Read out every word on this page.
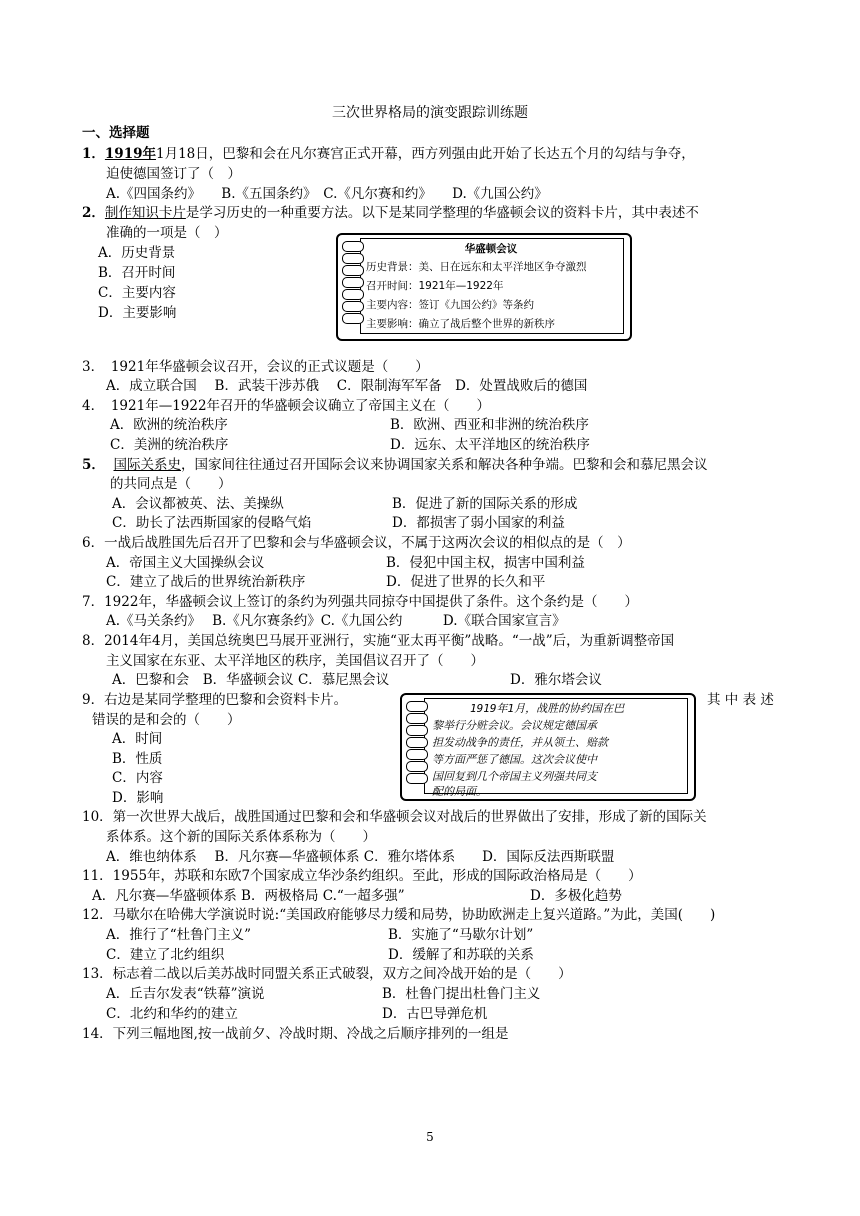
三次世界格局的演变跟踪训练题
一、选择题
1．1919年1月18日，巴黎和会在凡尔赛宫正式开幕，西方列强由此开始了长达五个月的勾结与争夺，
迫使德国签订了（　）
A.《四国条约》　　B.《五国条约》　C.《凡尔赛和约》　　D.《九国公约》
2．制作知识卡片是学习历史的一种重要方法。以下是某同学整理的华盛顿会议的资料卡片，其中表述不
准确的一项是（　）
A．历史背景
B．召开时间
C．主要内容
D．主要影响
华盛顿会议
历史背景：美、日在远东和太平洋地区争夺激烈
召开时间：1921年—1922年
主要内容：签订《九国公约》等条约
主要影响：确立了战后整个世界的新秩序
3．　1921年华盛顿会议召开，会议的正式议题是（　　）
A．成立联合国　 B．武装干涉苏俄　 C．限制海军军备　D．处置战败后的德国
4．　1921年—1922年召开的华盛顿会议确立了帝国主义在（　　）
A．欧洲的统治秩序	B．欧洲、西亚和非洲的统治秩序
C．美洲的统治秩序	D．远东、太平洋地区的统治秩序
5． 国际关系史，国家间往往通过召开国际会议来协调国家关系和解决各种争端。巴黎和会和慕尼黑会议
的共同点是（　　）
A．会议都被英、法、美操纵	B．促进了新的国际关系的形成
C．助长了法西斯国家的侵略气焰	D．都损害了弱小国家的利益
6．一战后战胜国先后召开了巴黎和会与华盛顿会议，不属于这两次会议的相似点的是（　）
A．帝国主义大国操纵会议	B．侵犯中国主权，损害中国利益
C．建立了战后的世界统治新秩序	D．促进了世界的长久和平
7．1922年，华盛顿会议上签订的条约为列强共同掠夺中国提供了条件。这个条约是（　　）
A.《马关条约》　 B.《凡尔赛条约》C.《九国公约　　　D.《联合国家宣言》
8．2014年4月，美国总统奥巴马展开亚洲行，实施“亚太再平衡”战略。“一战”后，为重新调整帝国
主义国家在东亚、太平洋地区的秩序，美国倡议召开了（　　）
A．巴黎和会　B．华盛顿会议 C．慕尼黑会议	D．雅尔塔会议
9．右边是某同学整理的巴黎和会资料卡片。	其 中 表 述
错误的是和会的（　　）
A．时间
B．性质
C．内容
D．影响
1919年1月，战胜的协约国在巴
黎举行分赃会议。会议规定德国承
担发动战争的责任，并从领土、赔款
等方面严惩了德国。这次会议使中
国回复到几个帝国主义列强共同支
配的局面。
10．第一次世界大战后，战胜国通过巴黎和会和华盛顿会议对战后的世界做出了安排，形成了新的国际关
系体系。这个新的国际关系体系称为（　　）
A．维也纳体系　 B．凡尔赛—华盛顿体系 C．雅尔塔体系　　D．国际反法西斯联盟
11．1955年，苏联和东欧7个国家成立华沙条约组织。至此，形成的国际政治格局是（　　）
A．凡尔赛—华盛顿体系 B．两极格局 C.“一超多强”	D．多极化趋势
12．马歇尔在哈佛大学演说时说:“美国政府能够尽力缓和局势，协助欧洲走上复兴道路。”为此，美国(　　)
A．推行了“杜鲁门主义”	B．实施了“马歇尔计划”
C．建立了北约组织	D．缓解了和苏联的关系
13．标志着二战以后美苏战时同盟关系正式破裂，双方之间冷战开始的是（　　）
A．丘吉尔发表“铁幕”演说	B．杜鲁门提出杜鲁门主义
C．北约和华约的建立	D．古巴导弹危机
14．下列三幅地图,按一战前夕、冷战时期、冷战之后顺序排列的一组是
5
